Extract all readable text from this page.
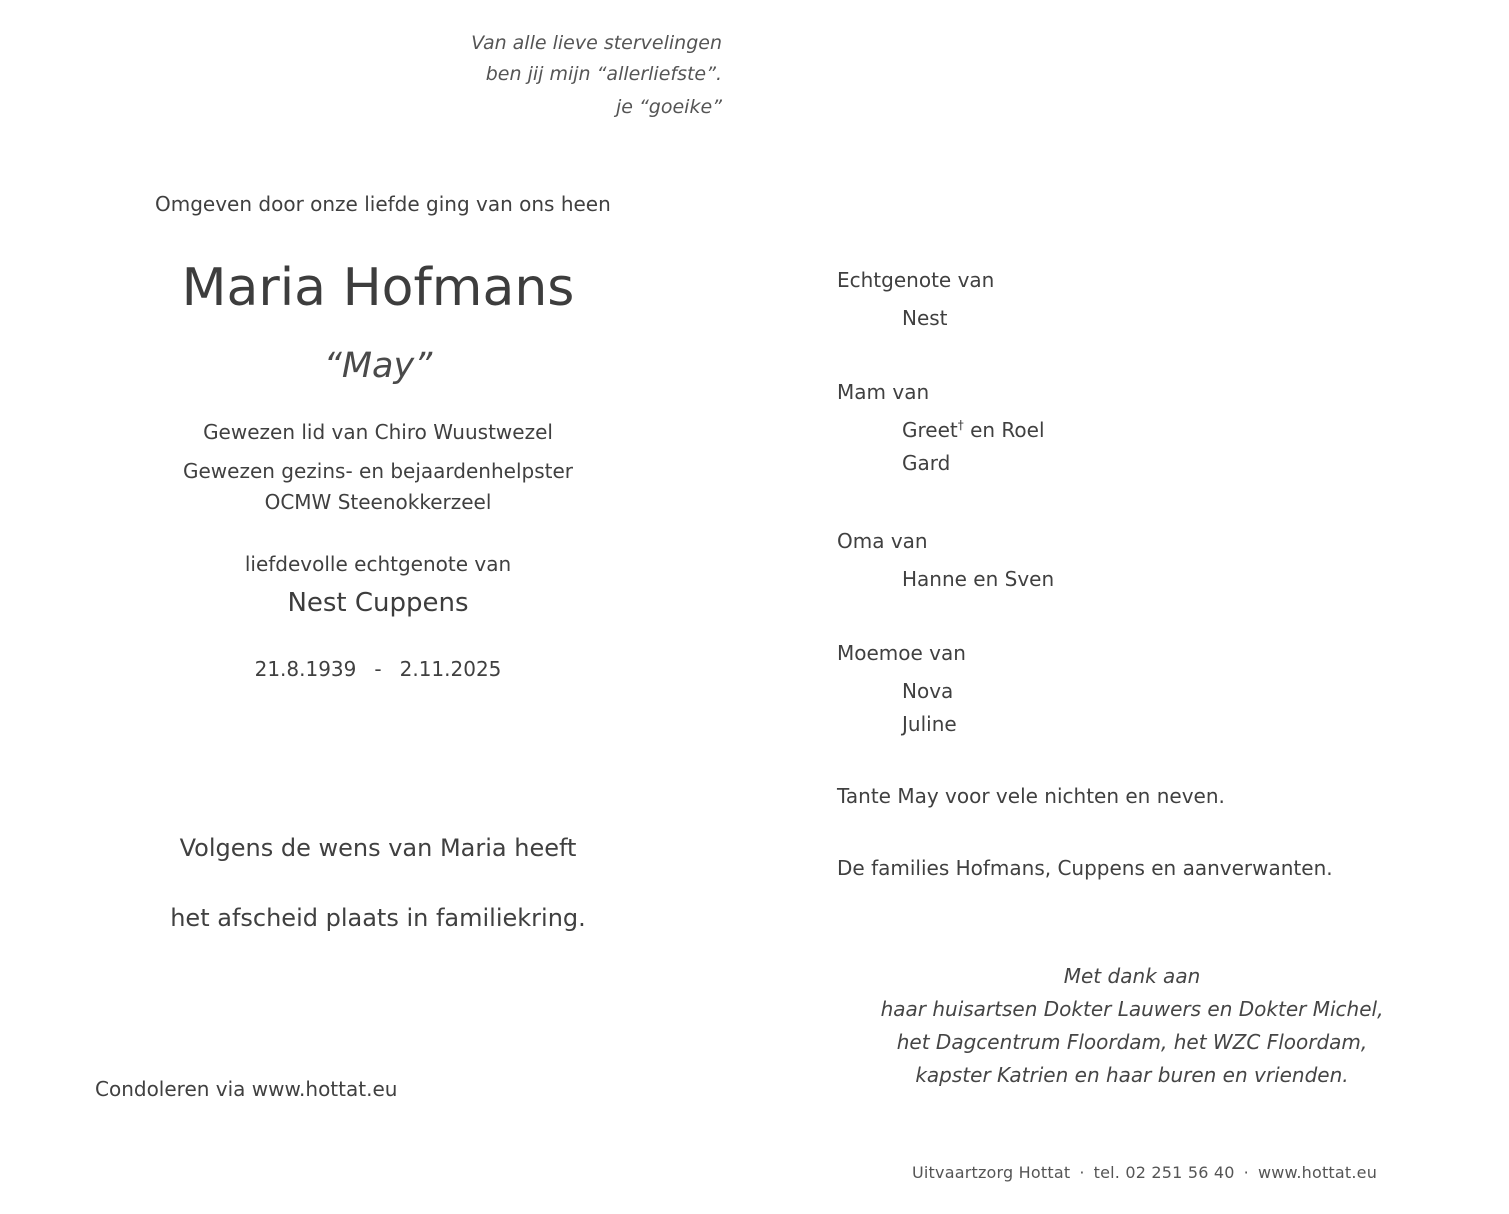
Van alle lieve stervelingen
ben jij mijn “allerliefste”.
je “goeike”

Omgeven door onze liefde ging van ons heen

Maria Hofmans

“May”

Gewezen lid van Chiro Wuustwezel

Gewezen gezins- en bejaardenhelpster
OCMW Steenokkerzeel

liefdevolle echtgenote van

Nest Cuppens

21.8.1939 - 2.11.2025

Volgens de wens van Maria heeft
het afscheid plaats in familiekring.

Condoleren via www.hottat.eu

Echtgenote van
Nest
Mam van
Greet† en Roel
Gard
Oma van
Hanne en Sven
Moemoe van
Nova
Juline

Tante May voor vele nichten en neven.

De families Hofmans, Cuppens en aanverwanten.

Met dank aan
haar huisartsen Dokter Lauwers en Dokter Michel,
het Dagcentrum Floordam, het WZC Floordam,
kapster Katrien en haar buren en vrienden.

Uitvaartzorg Hottat · tel. 02 251 56 40 · www.hottat.eu
